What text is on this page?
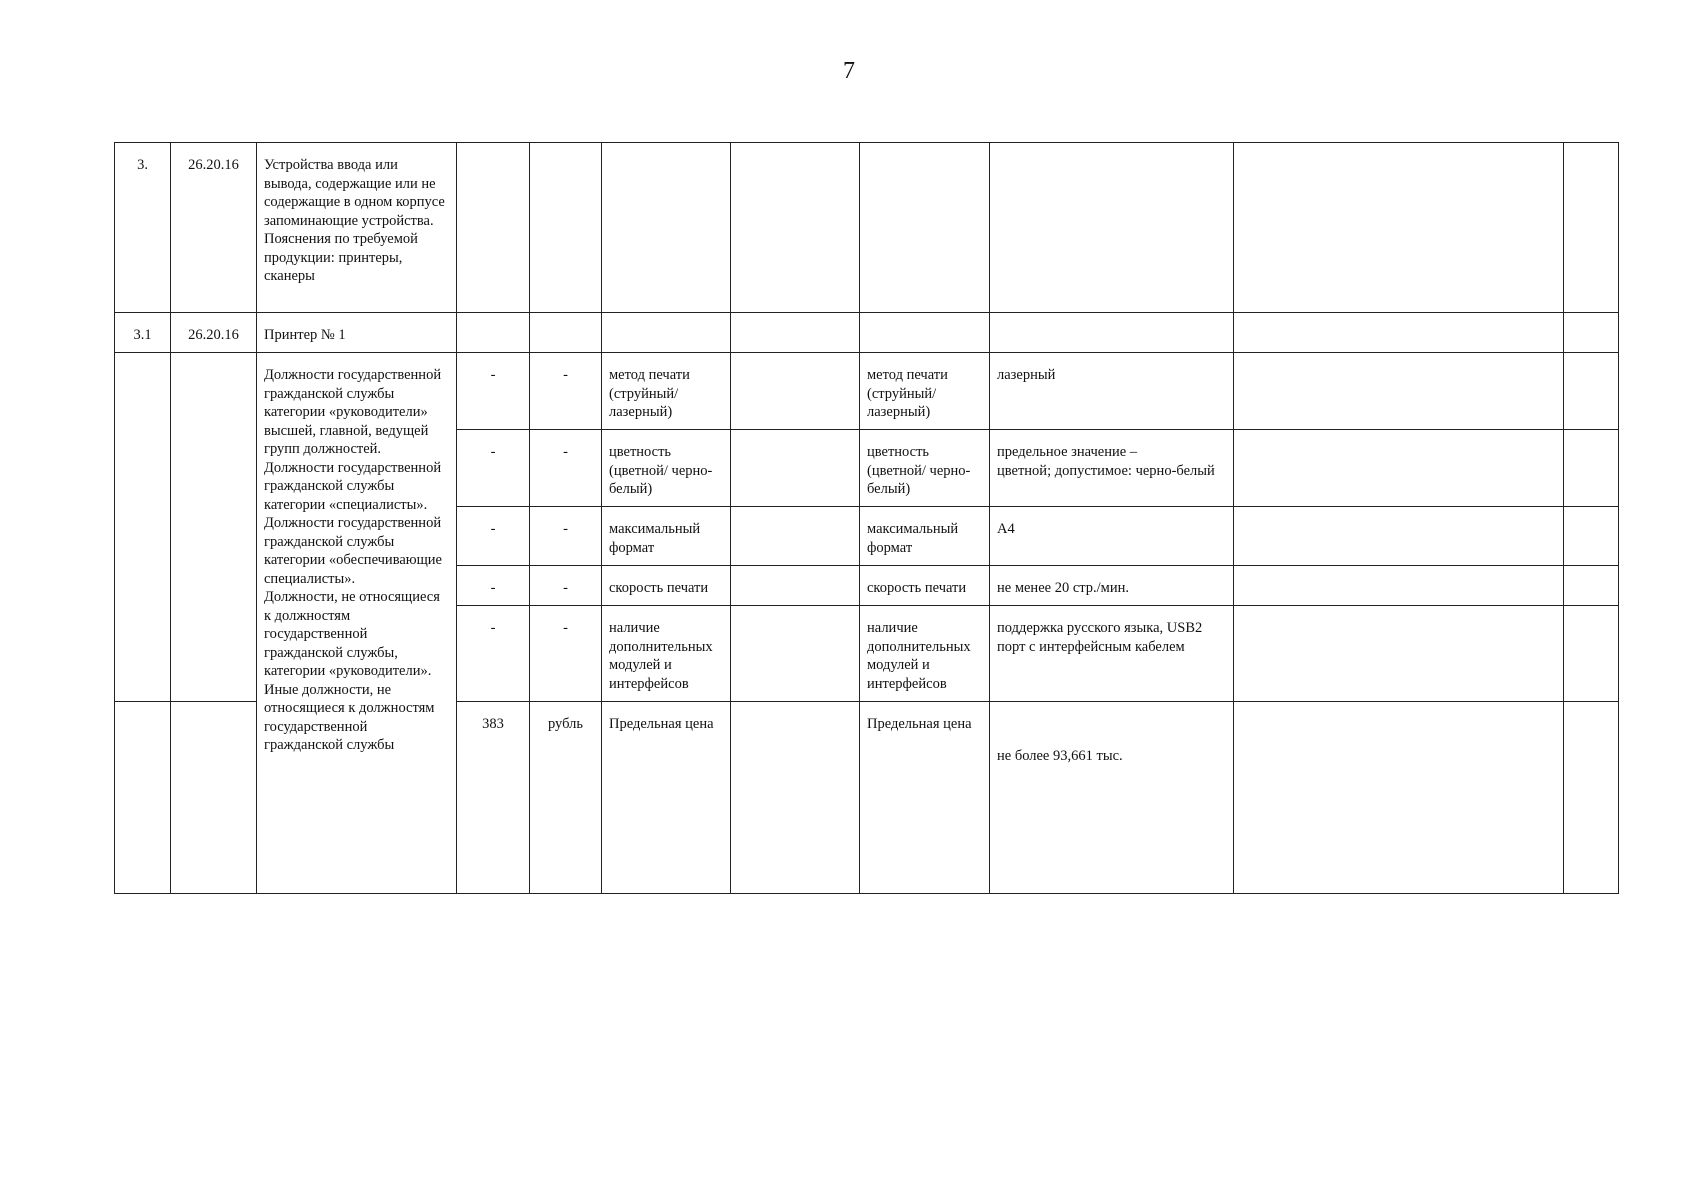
7
3.	26.20.16	Устройства ввода или вывода, содержащие или не содержащие в одном корпусе запоминающие устройства.
Пояснения по требуемой продукции: принтеры, сканеры								

3.1	26.20.16	Принтер № 1								

		Должности государственной гражданской службы категории «руководители» высшей, главной, ведущей групп должностей.
Должности государственной гражданской службы категории «специалисты».
Должности государственной гражданской службы категории «обеспечивающие специалисты».
Должности, не относящиеся к должностям государственной гражданской службы, категории «руководители».
Иные должности, не относящиеся к должностям государственной гражданской службы	-	-	метод печати (струйный/ лазерный)		метод печати (струйный/ лазерный)	лазерный		

			-	-	цветность (цветной/ черно-белый)		цветность (цветной/ черно-белый)	предельное значение –
цветной; допустимое: черно-белый		

			-	-	максимальный формат		максимальный формат	А4		

			-	-	скорость печати		скорость печати	не менее 20 стр./мин.		

			-	-	наличие дополнительных модулей и интерфейсов		наличие дополнительных модулей и интерфейсов	поддержка русского языка, USB2 порт с интерфейсным кабелем		

			383	рубль	Предельная цена		Предельная цена	не более 93,661 тыс.		
